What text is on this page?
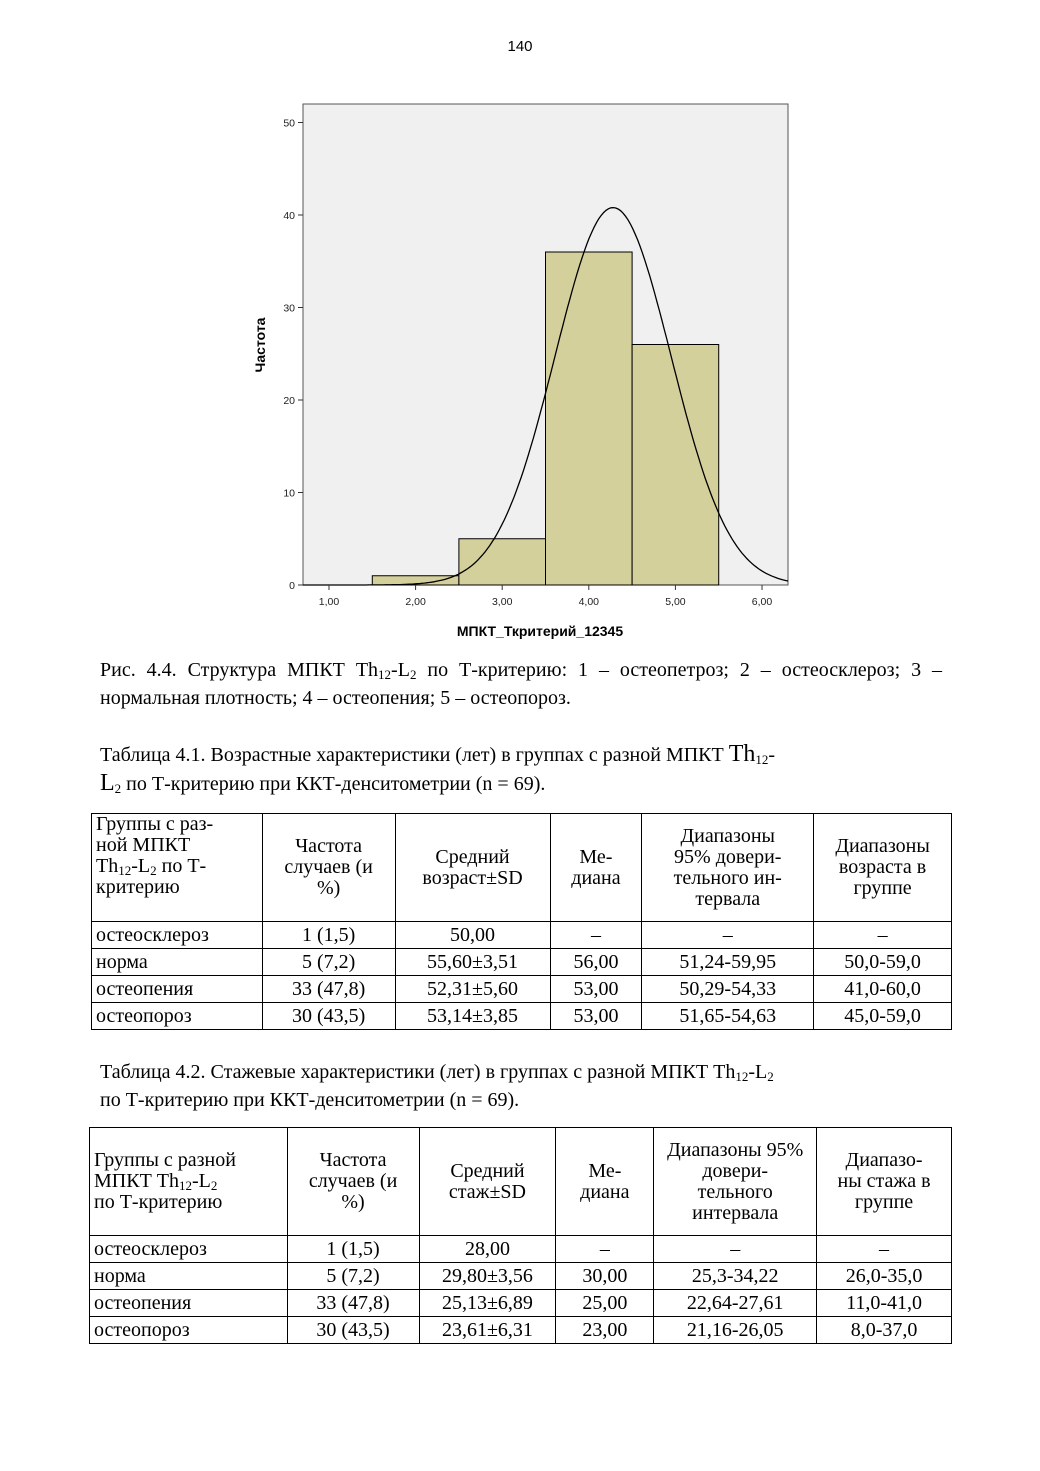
140
0
10
20
30
40
50
1,00	2,00	3,00	4,00	5,00	6,00
Частота
МПКТ_Ткритерий_12345
Рис. 4.4. Структура МПКТ $Th_{12}-L_2$ по Т-критерию: 1 – остеопетроз; 2 – остеосклероз; 3 – нормальная плотность; 4 – остеопения; 5 – остеопороз.
Таблица 4.1. Возрастные характеристики (лет) в группах с разной МПКТ $Th_{12}-$
$L_2$ по Т-критерию при ККТ-денситометрии (n = 69).
Группы с раз-
ной МПКТ
$Th_{12}-L_2$ по Т-
критерию	Частота случаев (и %)	Средний возраст±SD	Ме-диана	Диапазоны 95% довери-тельного ин-тервала	Диапазоны возраста в группе
остеосклероз	1 (1,5)	50,00	–	–	–
норма	5 (7,2)	55,60±3,51	56,00	51,24-59,95	50,0-59,0
остеопения	33 (47,8)	52,31±5,60	53,00	50,29-54,33	41,0-60,0
остеопороз	30 (43,5)	53,14±3,85	53,00	51,65-54,63	45,0-59,0
Таблица 4.2. Стажевые характеристики (лет) в группах с разной МПКТ $Th_{12}-L_2$
по Т-критерию при ККТ-денситометрии (n = 69).
Группы с разной
МПКТ $Th_{12}-L_2$
по Т-критерию	Частота случаев (и %)	Средний стаж±SD	Ме-диана	Диапазоны 95% довери-тельного интервала	Диапазо-ны стажа в группе
остеосклероз	1 (1,5)	28,00	–	–	–
норма	5 (7,2)	29,80±3,56	30,00	25,3-34,22	26,0-35,0
остеопения	33 (47,8)	25,13±6,89	25,00	22,64-27,61	11,0-41,0
остеопороз	30 (43,5)	23,61±6,31	23,00	21,16-26,05	8,0-37,0
